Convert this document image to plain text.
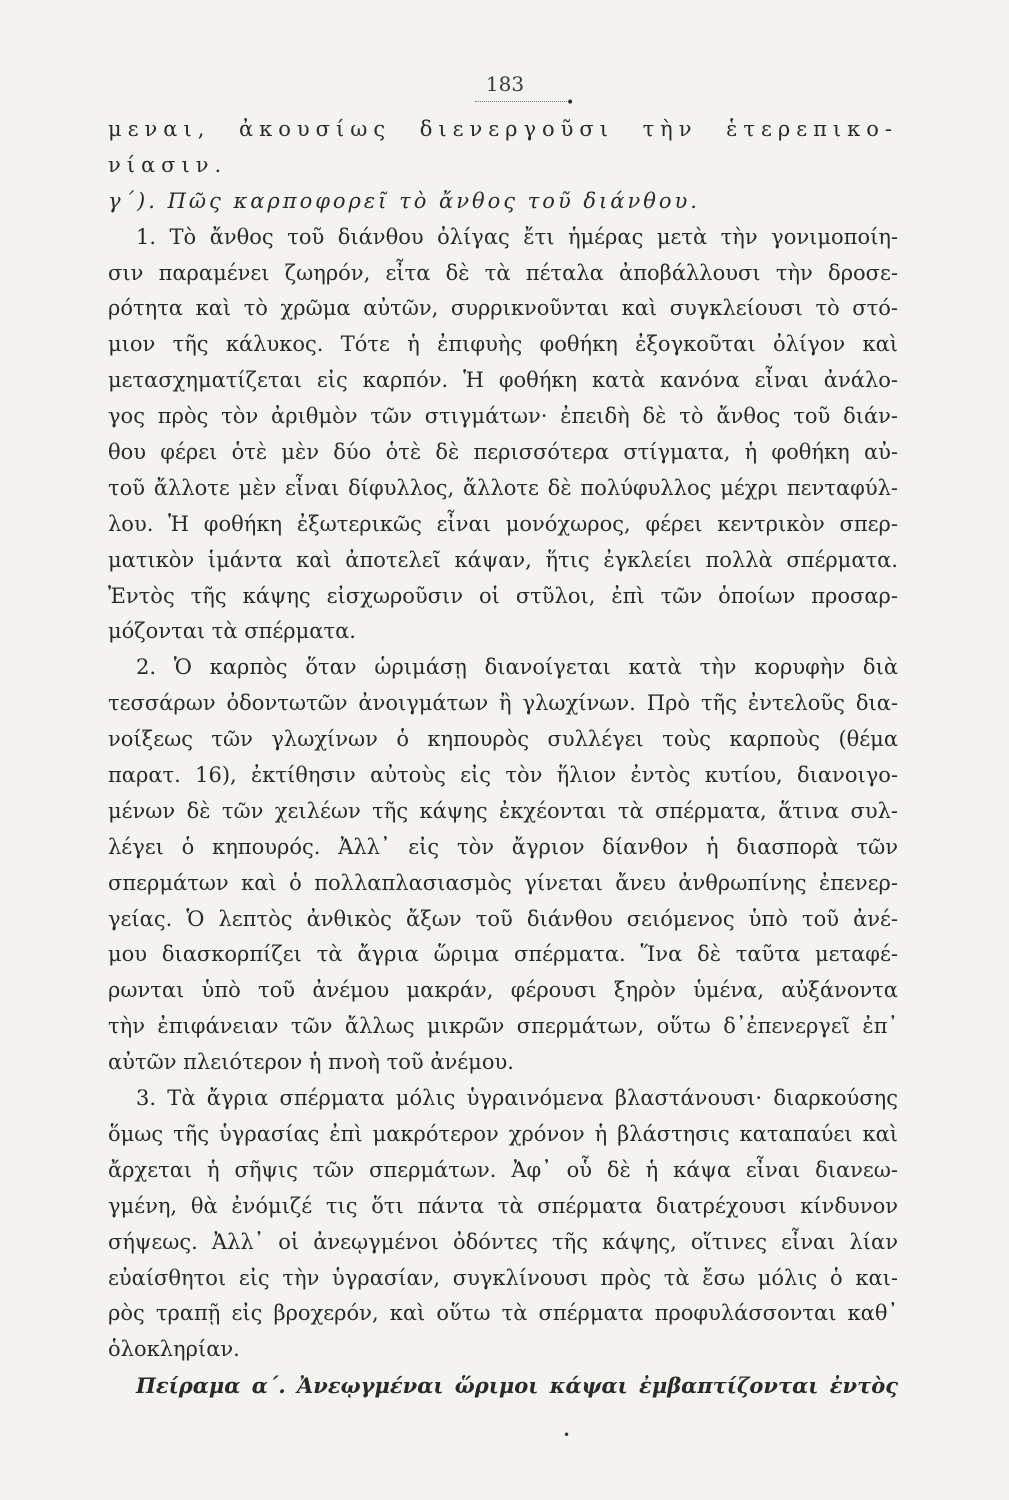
183
•
μεναι, ἀκουσίως διενεργοῦσι τὴν ἑτερεπικο-
νίασιν.
γ΄). Πῶς καρποφορεῖ τὸ ἄνθος τοῦ διάνθου.
1. Τὸ ἄνθος τοῦ διάνθου ὀλίγας ἔτι ἡμέρας μετὰ τὴν γονιμοποίη-
σιν παραμένει ζωηρόν, εἶτα δὲ τὰ πέταλα ἀποβάλλουσι τὴν δροσε-
ρότητα καὶ τὸ χρῶμα αὐτῶν, συρρικνοῦνται καὶ συγκλείουσι τὸ στό-
μιον τῆς κάλυκος. Τότε ἡ ἐπιφυὴς φοθήκη ἐξογκοῦται ὀλίγον καὶ
μετασχηματίζεται εἰς καρπόν. Ἡ φοθήκη κατὰ κανόνα εἶναι ἀνάλο-
γος πρὸς τὸν ἀριθμὸν τῶν στιγμάτων· ἐπειδὴ δὲ τὸ ἄνθος τοῦ διάν-
θου φέρει ὁτὲ μὲν δύο ὁτὲ δὲ περισσότερα στίγματα, ἡ φοθήκη αὐ-
τοῦ ἄλλοτε μὲν εἶναι δίφυλλος, ἄλλοτε δὲ πολύφυλλος μέχρι πενταφύλ-
λου. Ἡ φοθήκη ἐξωτερικῶς εἶναι μονόχωρος, φέρει κεντρικὸν σπερ-
ματικὸν ἱμάντα καὶ ἀποτελεῖ κάψαν, ἥτις ἐγκλείει πολλὰ σπέρματα.
Ἐντὸς τῆς κάψης εἰσχωροῦσιν οἱ στῦλοι, ἐπὶ τῶν ὁποίων προσαρ-
μόζονται τὰ σπέρματα.
2. Ὁ καρπὸς ὅταν ὡριμάσῃ διανοίγεται κατὰ τὴν κορυφὴν διὰ
τεσσάρων ὀδοντωτῶν ἀνοιγμάτων ἢ γλωχίνων. Πρὸ τῆς ἐντελοῦς δια-
νοίξεως τῶν γλωχίνων ὁ κηπουρὸς συλλέγει τοὺς καρποὺς (θέμα
παρατ. 16), ἐκτίθησιν αὐτοὺς εἰς τὸν ἥλιον ἐντὸς κυτίου, διανοιγο-
μένων δὲ τῶν χειλέων τῆς κάψης ἐκχέονται τὰ σπέρματα, ἅτινα συλ-
λέγει ὁ κηπουρός. Ἀλλ᾽ εἰς τὸν ἄγριον δίανθον ἡ διασπορὰ τῶν
σπερμάτων καὶ ὁ πολλαπλασιασμὸς γίνεται ἄνευ ἀνθρωπίνης ἐπενερ-
γείας. Ὁ λεπτὸς ἀνθικὸς ἄξων τοῦ διάνθου σειόμενος ὑπὸ τοῦ ἀνέ-
μου διασκορπίζει τὰ ἄγρια ὥριμα σπέρματα. Ἵνα δὲ ταῦτα μεταφέ-
ρωνται ὑπὸ τοῦ ἀνέμου μακράν, φέρουσι ξηρὸν ὑμένα, αὐξάνοντα
τὴν ἐπιφάνειαν τῶν ἄλλως μικρῶν σπερμάτων, οὕτω δ᾽ἐπενεργεῖ ἐπ᾽
αὐτῶν πλειότερον ἡ πνοὴ τοῦ ἀνέμου.
3. Τὰ ἄγρια σπέρματα μόλις ὑγραινόμενα βλαστάνουσι· διαρκούσης
ὅμως τῆς ὑγρασίας ἐπὶ μακρότερον χρόνον ἡ βλάστησις καταπαύει καὶ
ἄρχεται ἡ σῆψις τῶν σπερμάτων. Ἀφ᾽ οὗ δὲ ἡ κάψα εἶναι διανεω-
γμένη, θὰ ἐνόμιζέ τις ὅτι πάντα τὰ σπέρματα διατρέχουσι κίνδυνον
σήψεως. Ἀλλ᾽ οἱ ἀνεῳγμένοι ὀδόντες τῆς κάψης, οἵτινες εἶναι λίαν
εὐαίσθητοι εἰς τὴν ὑγρασίαν, συγκλίνουσι πρὸς τὰ ἔσω μόλις ὁ και-
ρὸς τραπῇ εἰς βροχερόν, καὶ οὕτω τὰ σπέρματα προφυλάσσονται καθ᾽
ὁλοκληρίαν.
Πείραμα α΄. Ἀνεῳγμέναι ὥριμοι κάψαι ἐμβαπτίζονται ἐντὸς
•
